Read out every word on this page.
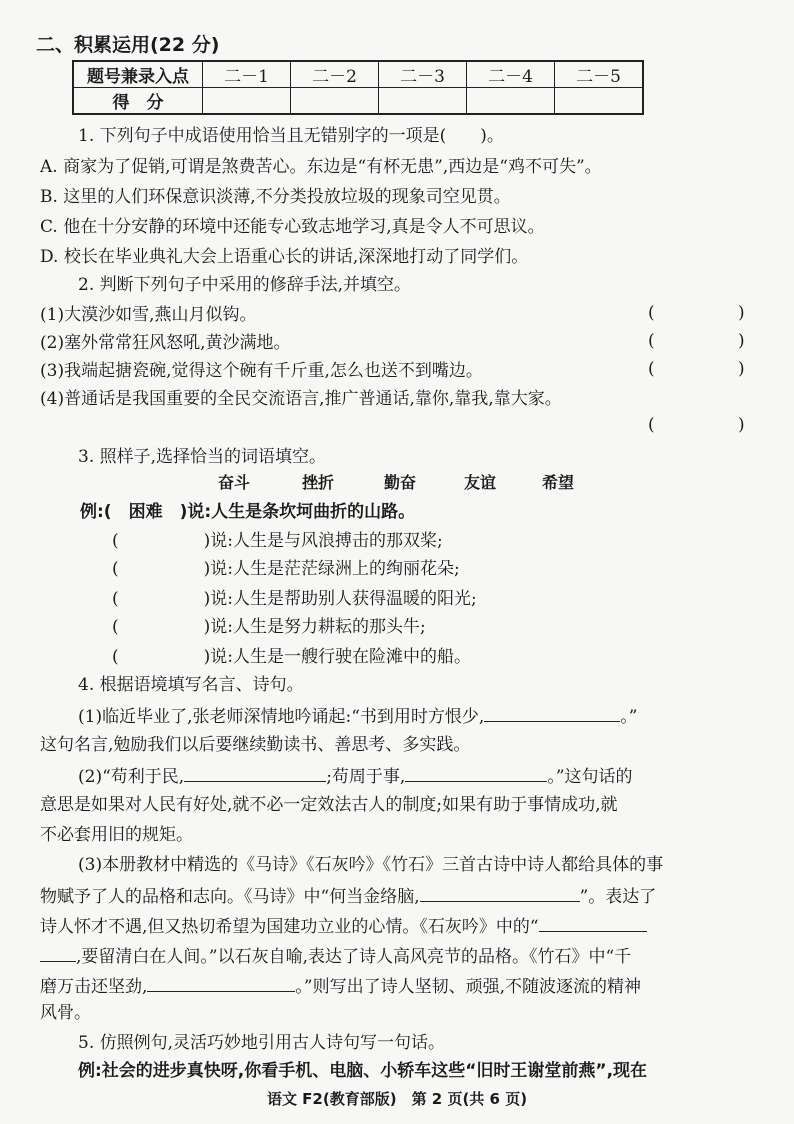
二、积累运用(22 分)
题号兼录入点	二－1	二－2	二－3	二－4	二－5
得　分					
1. 下列句子中成语使用恰当且无错别字的一项是(　　)。
A. 商家为了促销,可谓是煞费苦心。东边是“有杯无患”,西边是“鸡不可失”。
B. 这里的人们环保意识淡薄,不分类投放垃圾的现象司空见贯。
C. 他在十分安静的环境中还能专心致志地学习,真是令人不可思议。
D. 校长在毕业典礼大会上语重心长的讲话,深深地打动了同学们。
2. 判断下列句子中采用的修辞手法,并填空。
(1)大漠沙如雪,燕山月似钩。	(	)
(2)塞外常常狂风怒吼,黄沙满地。	(	)
(3)我端起搪瓷碗,觉得这个碗有千斤重,怎么也送不到嘴边。	(	)
(4)普通话是我国重要的全民交流语言,推广普通话,靠你,靠我,靠大家。
(	)
3. 照样子,选择恰当的词语填空。
奋斗	挫折	勤奋	友谊	希望
例:(　困难　)说:人生是条坎坷曲折的山路。
(　　　　　)说:人生是与风浪搏击的那双桨;
(　　　　　)说:人生是茫茫绿洲上的绚丽花朵;
(　　　　　)说:人生是帮助别人获得温暖的阳光;
(　　　　　)说:人生是努力耕耘的那头牛;
(　　　　　)说:人生是一艘行驶在险滩中的船。
4. 根据语境填写名言、诗句。
(1)临近毕业了,张老师深情地吟诵起:“书到用时方恨少,	。”
这句名言,勉励我们以后要继续勤读书、善思考、多实践。
(2)“苟利于民,	;苟周于事,	。”这句话的
意思是如果对人民有好处,就不必一定效法古人的制度;如果有助于事情成功,就
不必套用旧的规矩。
(3)本册教材中精选的《马诗》《石灰吟》《竹石》三首古诗中诗人都给具体的事
物赋予了人的品格和志向。《马诗》中“何当金络脑,	”。表达了
诗人怀才不遇,但又热切希望为国建功立业的心情。《石灰吟》中的“
,要留清白在人间。”以石灰自喻,表达了诗人高风亮节的品格。《竹石》中“千
磨万击还坚劲,	。”则写出了诗人坚韧、顽强,不随波逐流的精神
风骨。
5. 仿照例句,灵活巧妙地引用古人诗句写一句话。
例:社会的进步真快呀,你看手机、电脑、小轿车这些“旧时王谢堂前燕”,现在
语文 F2(教育部版)　第 2 页(共 6 页)
